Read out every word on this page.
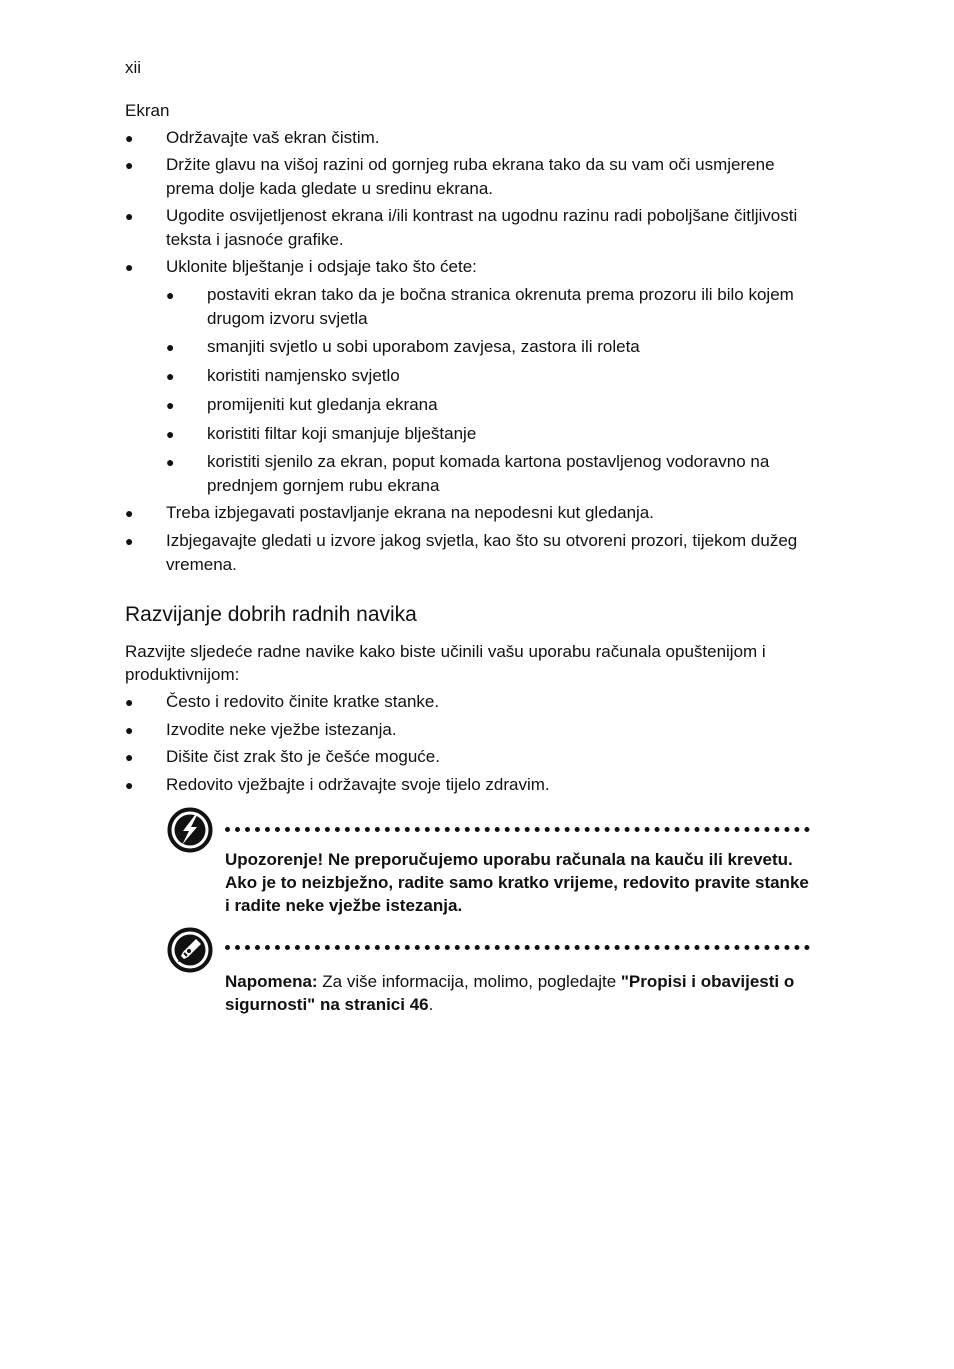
xii
Ekran
●	Održavajte vaš ekran čistim.
●	Držite glavu na višoj razini od gornjeg ruba ekrana tako da su vam oči usmjerene prema dolje kada gledate u sredinu ekrana.
●	Ugodite osvijetljenost ekrana i/ili kontrast na ugodnu razinu radi poboljšane čitljivosti teksta i jasnoće grafike.
●	Uklonite blještanje i odsjaje tako što ćete:
●	postaviti ekran tako da je bočna stranica okrenuta prema prozoru ili bilo kojem drugom izvoru svjetla
●	smanjiti svjetlo u sobi uporabom zavjesa, zastora ili roleta
●	koristiti namjensko svjetlo
●	promijeniti kut gledanja ekrana
●	koristiti filtar koji smanjuje blještanje
●	koristiti sjenilo za ekran, poput komada kartona postavljenog vodoravno na prednjem gornjem rubu ekrana
●	Treba izbjegavati postavljanje ekrana na nepodesni kut gledanja.
●	Izbjegavajte gledati u izvore jakog svjetla, kao što su otvoreni prozori, tijekom dužeg vremena.
Razvijanje dobrih radnih navika
Razvijte sljedeće radne navike kako biste učinili vašu uporabu računala opuštenijom i produktivnijom:
●	Često i redovito činite kratke stanke.
●	Izvodite neke vježbe istezanja.
●	Dišite čist zrak što je češće moguće.
●	Redovito vježbajte i održavajte svoje tijelo zdravim.
Upozorenje! Ne preporučujemo uporabu računala na kauču ili krevetu. Ako je to neizbježno, radite samo kratko vrijeme, redovito pravite stanke i radite neke vježbe istezanja.
Napomena: Za više informacija, molimo, pogledajte "Propisi i obavijesti o sigurnosti" na stranici 46.
